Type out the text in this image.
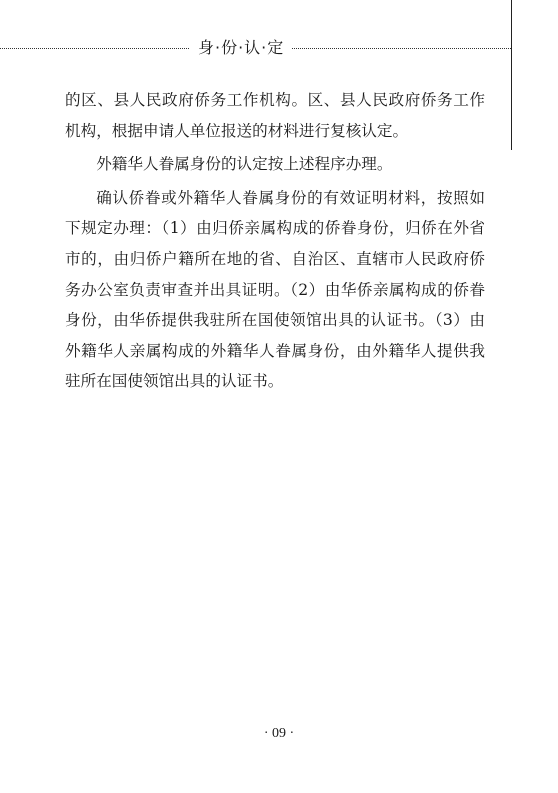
身·份·认·定

的区、县人民政府侨务工作机构。区、县人民政府侨务工作机构，根据申请人单位报送的材料进行复核认定。

外籍华人眷属身份的认定按上述程序办理。

确认侨眷或外籍华人眷属身份的有效证明材料，按照如下规定办理：（1）由归侨亲属构成的侨眷身份，归侨在外省市的，由归侨户籍所在地的省、自治区、直辖市人民政府侨务办公室负责审查并出具证明。（2）由华侨亲属构成的侨眷身份，由华侨提供我驻所在国使领馆出具的认证书。（3）由外籍华人亲属构成的外籍华人眷属身份，由外籍华人提供我驻所在国使领馆出具的认证书。

· 09 ·
